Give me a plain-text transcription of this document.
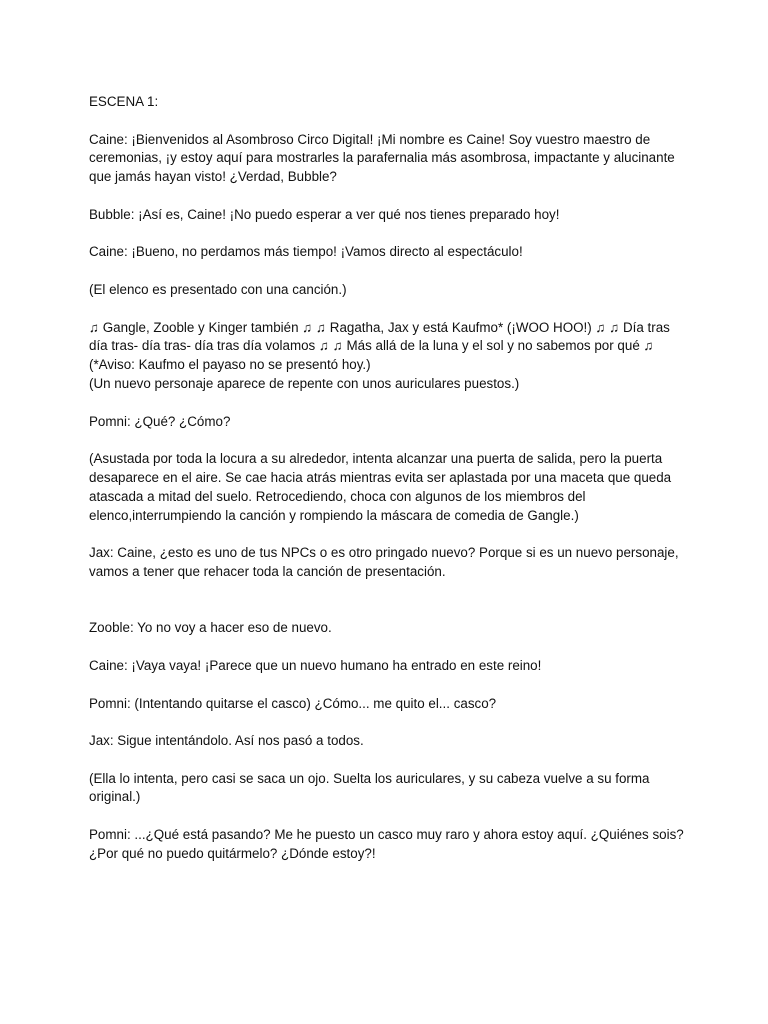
ESCENA 1:

Caine: ¡Bienvenidos al Asombroso Circo Digital! ¡Mi nombre es Caine! Soy vuestro maestro de ceremonias, ¡y estoy aquí para mostrarles la parafernalia más asombrosa, impactante y alucinante que jamás hayan visto! ¿Verdad, Bubble?

Bubble: ¡Así es, Caine! ¡No puedo esperar a ver qué nos tienes preparado hoy!

Caine: ¡Bueno, no perdamos más tiempo! ¡Vamos directo al espectáculo!

(El elenco es presentado con una canción.)

♫ Gangle, Zooble y Kinger también ♫ ♫ Ragatha, Jax y está Kaufmo* (¡WOO HOO!) ♫ ♫ Día tras día tras- día tras- día tras día volamos ♫ ♫ Más allá de la luna y el sol y no sabemos por qué ♫

(*Aviso: Kaufmo el payaso no se presentó hoy.)

(Un nuevo personaje aparece de repente con unos auriculares puestos.)

Pomni: ¿Qué? ¿Cómo?

(Asustada por toda la locura a su alrededor, intenta alcanzar una puerta de salida, pero la puerta desaparece en el aire. Se cae hacia atrás mientras evita ser aplastada por una maceta que queda atascada a mitad del suelo. Retrocediendo, choca con algunos de los miembros del elenco,interrumpiendo la canción y rompiendo la máscara de comedia de Gangle.)

Jax: Caine, ¿esto es uno de tus NPCs o es otro pringado nuevo? Porque si es un nuevo personaje, vamos a tener que rehacer toda la canción de presentación.

Zooble: Yo no voy a hacer eso de nuevo.

Caine: ¡Vaya vaya! ¡Parece que un nuevo humano ha entrado en este reino!

Pomni: (Intentando quitarse el casco) ¿Cómo... me quito el... casco?

Jax: Sigue intentándolo. Así nos pasó a todos.

(Ella lo intenta, pero casi se saca un ojo. Suelta los auriculares, y su cabeza vuelve a su forma original.)

Pomni: ...¿Qué está pasando? Me he puesto un casco muy raro y ahora estoy aquí. ¿Quiénes sois? ¿Por qué no puedo quitármelo? ¿Dónde estoy?!
